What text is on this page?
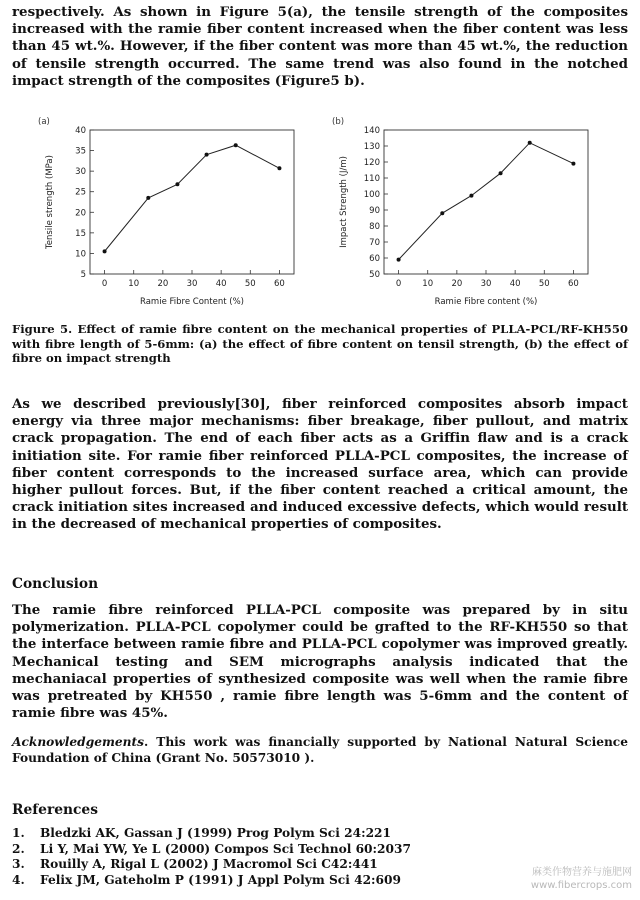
respectively. As shown in Figure 5(a), the tensile strength of the composites increased with the ramie fiber content increased when the fiber content was less than 45 wt.%. However, if the fiber content was more than 45 wt.%, the reduction of tensile strength occurred. The same trend was also found in the notched impact strength of the composites (Figure5 b).

(a)
5
10
15
20
25
30
35
40
0 10 20 30 40 50 60
Ramie Fibre Content (%)
Tensile strength (MPa)
(b)
50
60
70
80
90
100
110
120
130
140
0 10 20 30 40 50 60
Ramie Fibre content (%)
Impact Strength (J/m)

Figure 5. Effect of ramie fibre content on the mechanical properties of PLLA-PCL/RF-KH550 with fibre length of 5-6mm: (a) the effect of fibre content on tensil strength, (b) the effect of fibre on impact strength

As we described previously[30], fiber reinforced composites absorb impact energy via three major mechanisms: fiber breakage, fiber pullout, and matrix crack propagation. The end of each fiber acts as a Griffin flaw and is a crack initiation site. For ramie fiber reinforced PLLA-PCL composites, the increase of fiber content corresponds to the increased surface area, which can provide higher pullout forces. But, if the fiber content reached a critical amount, the crack initiation sites increased and induced excessive defects, which would result in the decreased of mechanical properties of composites.

Conclusion

The ramie fibre reinforced PLLA-PCL composite was prepared by in situ polymerization. PLLA-PCL copolymer could be grafted to the RF-KH550 so that the interface between ramie fibre and PLLA-PCL copolymer was improved greatly. Mechanical testing and SEM micrographs analysis indicated that the mechaniacal properties of synthesized composite was well when the ramie fibre was pretreated by KH550 , ramie fibre length was 5-6mm and the content of ramie fibre was 45%.

Acknowledgements. This work was financially supported by National Natural Science Foundation of China (Grant No. 50573010 ).

References
1.	Bledzki AK, Gassan J (1999) Prog Polym Sci 24:221
2.	Li Y, Mai YW, Ye L (2000) Compos Sci Technol 60:2037
3.	Rouilly A, Rigal L (2002) J Macromol Sci C42:441
4.	Felix JM, Gateholm P (1991) J Appl Polym Sci 42:609
麻类作物营养与施肥网
www.fibercrops.com
